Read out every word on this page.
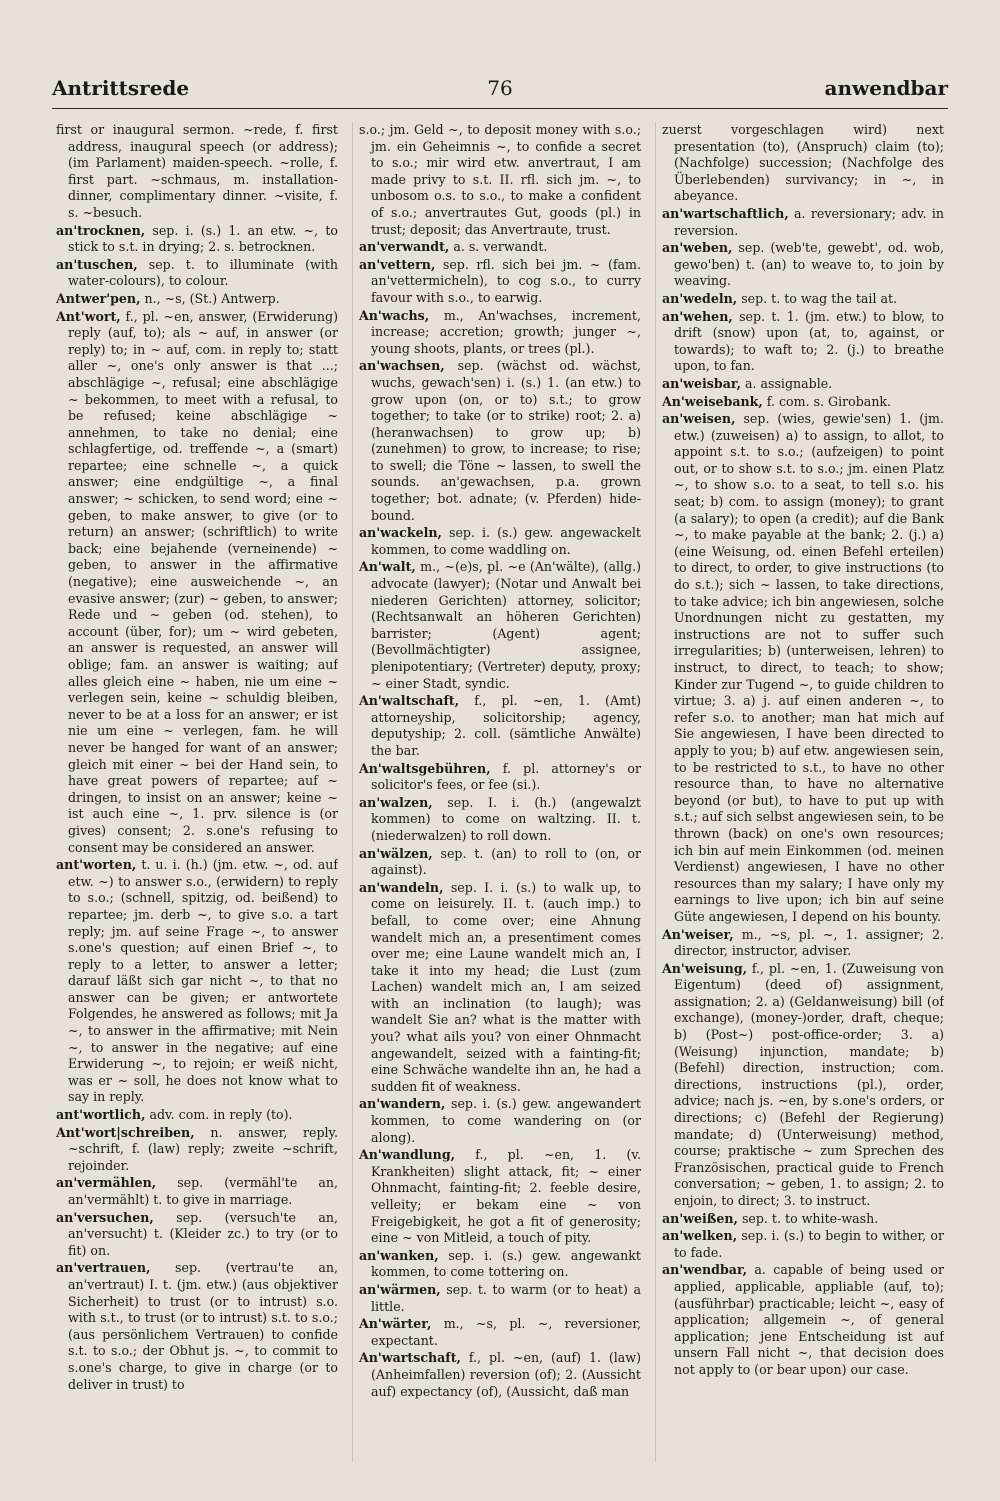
Antrittsrede	76	anwendbar

first or inaugural sermon. ~rede, f. first address, inaugural speech (or address); (im Parlament) maiden-speech. ~rolle, f. first part. ~schmaus, m. installation-dinner, complimentary dinner. ~visite, f. s. ~besuch.

an'trocknen, sep. i. (s.) 1. an etw. ~, to stick to s.t. in drying; 2. s. betrocknen.

an'tuschen, sep. t. to illuminate (with water-colours), to colour.

Antwer'pen, n., ~s, (St.) Antwerp.

Ant'wort, f., pl. ~en, answer, (Erwiderung) reply (auf, to); als ~ auf, in answer (or reply) to; in ~ auf, com. in reply to; statt aller ~, one's only answer is that ...; abschlägige ~, refusal; eine abschlägige ~ bekommen, to meet with a refusal, to be refused; keine abschlägige ~ annehmen, to take no denial; eine schlagfertige, od. treffende ~, a (smart) repartee; eine schnelle ~, a quick answer; eine endgültige ~, a final answer; ~ schicken, to send word; eine ~ geben, to make answer, to give (or to return) an answer; (schriftlich) to write back; eine bejahende (verneinende) ~ geben, to answer in the affirmative (negative); eine ausweichende ~, an evasive answer; (zur) ~ geben, to answer; Rede und ~ geben (od. stehen), to account (über, for); um ~ wird gebeten, an answer is requested, an answer will oblige; fam. an answer is waiting; auf alles gleich eine ~ haben, nie um eine ~ verlegen sein, keine ~ schuldig bleiben, never to be at a loss for an answer; er ist nie um eine ~ verlegen, fam. he will never be hanged for want of an answer; gleich mit einer ~ bei der Hand sein, to have great powers of repartee; auf ~ dringen, to insist on an answer; keine ~ ist auch eine ~, 1. prv. silence is (or gives) consent; 2. s.one's refusing to consent may be considered an answer.

ant'worten, t. u. i. (h.) (jm. etw. ~, od. auf etw. ~) to answer s.o., (erwidern) to reply to s.o.; (schnell, spitzig, od. beißend) to repartee; jm. derb ~, to give s.o. a tart reply; jm. auf seine Frage ~, to answer s.one's question; auf einen Brief ~, to reply to a letter, to answer a letter; darauf läßt sich gar nicht ~, to that no answer can be given; er antwortete Folgendes, he answered as follows; mit Ja ~, to answer in the affirmative; mit Nein ~, to answer in the negative; auf eine Erwiderung ~, to rejoin; er weiß nicht, was er ~ soll, he does not know what to say in reply.

ant'wortlich, adv. com. in reply (to).

Ant'wort|schreiben, n. answer, reply. ~schrift, f. (law) reply; zweite ~schrift, rejoinder.

an'vermählen, sep. (vermähl'te an, an'vermählt) t. to give in marriage.

an'versuchen, sep. (versuch'te an, an'versucht) t. (Kleider zc.) to try (or to fit) on.

an'vertrauen, sep. (vertrau'te an, an'vertraut) I. t. (jm. etw.) (aus objektiver Sicherheit) to trust (or to intrust) s.o. with s.t., to trust (or to intrust) s.t. to s.o.; (aus persönlichem Vertrauen) to confide s.t. to s.o.; der Obhut js. ~, to commit to s.one's charge, to give in charge (or to deliver in trust) to

s.o.; jm. Geld ~, to deposit money with s.o.; jm. ein Geheimnis ~, to confide a secret to s.o.; mir wird etw. anvertraut, I am made privy to s.t. II. rfl. sich jm. ~, to unbosom o.s. to s.o., to make a confident of s.o.; anvertrautes Gut, goods (pl.) in trust; deposit; das Anvertraute, trust.

an'verwandt, a. s. verwandt.

an'vettern, sep. rfl. sich bei jm. ~ (fam. an'vettermicheln), to cog s.o., to curry favour with s.o., to earwig.

An'wachs, m., An'wachses, increment, increase; accretion; growth; junger ~, young shoots, plants, or trees (pl.).

an'wachsen, sep. (wächst od. wächst, wuchs, gewach'sen) i. (s.) 1. (an etw.) to grow upon (on, or to) s.t.; to grow together; to take (or to strike) root; 2. a) (heranwachsen) to grow up; b) (zunehmen) to grow, to increase; to rise; to swell; die Töne ~ lassen, to swell the sounds. an'gewachsen, p.a. grown together; bot. adnate; (v. Pferden) hide-bound.

an'wackeln, sep. i. (s.) gew. angewackelt kommen, to come waddling on.

An'walt, m., ~(e)s, pl. ~e (An'wälte), (allg.) advocate (lawyer); (Notar und Anwalt bei niederen Gerichten) attorney, solicitor; (Rechtsanwalt an höheren Gerichten) barrister; (Agent) agent; (Bevollmächtigter) assignee, plenipotentiary; (Vertreter) deputy, proxy; ~ einer Stadt, syndic.

An'waltschaft, f., pl. ~en, 1. (Amt) attorneyship, solicitorship; agency, deputyship; 2. coll. (sämtliche Anwälte) the bar.

An'waltsgebühren, f. pl. attorney's or solicitor's fees, or fee (si.).

an'walzen, sep. I. i. (h.) (angewalzt kommen) to come on waltzing. II. t. (niederwalzen) to roll down.

an'wälzen, sep. t. (an) to roll to (on, or against).

an'wandeln, sep. I. i. (s.) to walk up, to come on leisurely. II. t. (auch imp.) to befall, to come over; eine Ahnung wandelt mich an, a presentiment comes over me; eine Laune wandelt mich an, I take it into my head; die Lust (zum Lachen) wandelt mich an, I am seized with an inclination (to laugh); was wandelt Sie an? what is the matter with you? what ails you? von einer Ohnmacht angewandelt, seized with a fainting-fit; eine Schwäche wandelte ihn an, he had a sudden fit of weakness.

an'wandern, sep. i. (s.) gew. angewandert kommen, to come wandering on (or along).

An'wandlung, f., pl. ~en, 1. (v. Krankheiten) slight attack, fit; ~ einer Ohnmacht, fainting-fit; 2. feeble desire, velleity; er bekam eine ~ von Freigebigkeit, he got a fit of generosity; eine ~ von Mitleid, a touch of pity.

an'wanken, sep. i. (s.) gew. angewankt kommen, to come tottering on.

an'wärmen, sep. t. to warm (or to heat) a little.

An'wärter, m., ~s, pl. ~, reversioner, expectant.

An'wartschaft, f., pl. ~en, (auf) 1. (law) (Anheimfallen) reversion (of); 2. (Aussicht auf) expectancy (of), (Aussicht, daß man

zuerst vorgeschlagen wird) next presentation (to), (Anspruch) claim (to); (Nachfolge) succession; (Nachfolge des Überlebenden) survivancy; in ~, in abeyance.

an'wartschaftlich, a. reversionary; adv. in reversion.

an'weben, sep. (web'te, gewebt', od. wob, gewo'ben) t. (an) to weave to, to join by weaving.

an'wedeln, sep. t. to wag the tail at.

an'wehen, sep. t. 1. (jm. etw.) to blow, to drift (snow) upon (at, to, against, or towards); to waft to; 2. (j.) to breathe upon, to fan.

an'weisbar, a. assignable.

An'weisebank, f. com. s. Girobank.

an'weisen, sep. (wies, gewie'sen) 1. (jm. etw.) (zuweisen) a) to assign, to allot, to appoint s.t. to s.o.; (aufzeigen) to point out, or to show s.t. to s.o.; jm. einen Platz ~, to show s.o. to a seat, to tell s.o. his seat; b) com. to assign (money); to grant (a salary); to open (a credit); auf die Bank ~, to make payable at the bank; 2. (j.) a) (eine Weisung, od. einen Befehl erteilen) to direct, to order, to give instructions (to do s.t.); sich ~ lassen, to take directions, to take advice; ich bin angewiesen, solche Unordnungen nicht zu gestatten, my instructions are not to suffer such irregularities; b) (unterweisen, lehren) to instruct, to direct, to teach; to show; Kinder zur Tugend ~, to guide children to virtue; 3. a) j. auf einen anderen ~, to refer s.o. to another; man hat mich auf Sie angewiesen, I have been directed to apply to you; b) auf etw. angewiesen sein, to be restricted to s.t., to have no other resource than, to have no alternative beyond (or but), to have to put up with s.t.; auf sich selbst angewiesen sein, to be thrown (back) on one's own resources; ich bin auf mein Einkommen (od. meinen Verdienst) angewiesen, I have no other resources than my salary; I have only my earnings to live upon; ich bin auf seine Güte angewiesen, I depend on his bounty.

An'weiser, m., ~s, pl. ~, 1. assigner; 2. director, instructor, adviser.

An'weisung, f., pl. ~en, 1. (Zuweisung von Eigentum) (deed of) assignment, assignation; 2. a) (Geldanweisung) bill (of exchange), (money-)order, draft, cheque; b) (Post~) post-office-order; 3. a) (Weisung) injunction, mandate; b) (Befehl) direction, instruction; com. directions, instructions (pl.), order, advice; nach js. ~en, by s.one's orders, or directions; c) (Befehl der Regierung) mandate; d) (Unterweisung) method, course; praktische ~ zum Sprechen des Französischen, practical guide to French conversation; ~ geben, 1. to assign; 2. to enjoin, to direct; 3. to instruct.

an'weißen, sep. t. to white-wash.

an'welken, sep. i. (s.) to begin to wither, or to fade.

an'wendbar, a. capable of being used or applied, applicable, appliable (auf, to); (ausführbar) practicable; leicht ~, easy of application; allgemein ~, of general application; jene Entscheidung ist auf unsern Fall nicht ~, that decision does not apply to (or bear upon) our case.
